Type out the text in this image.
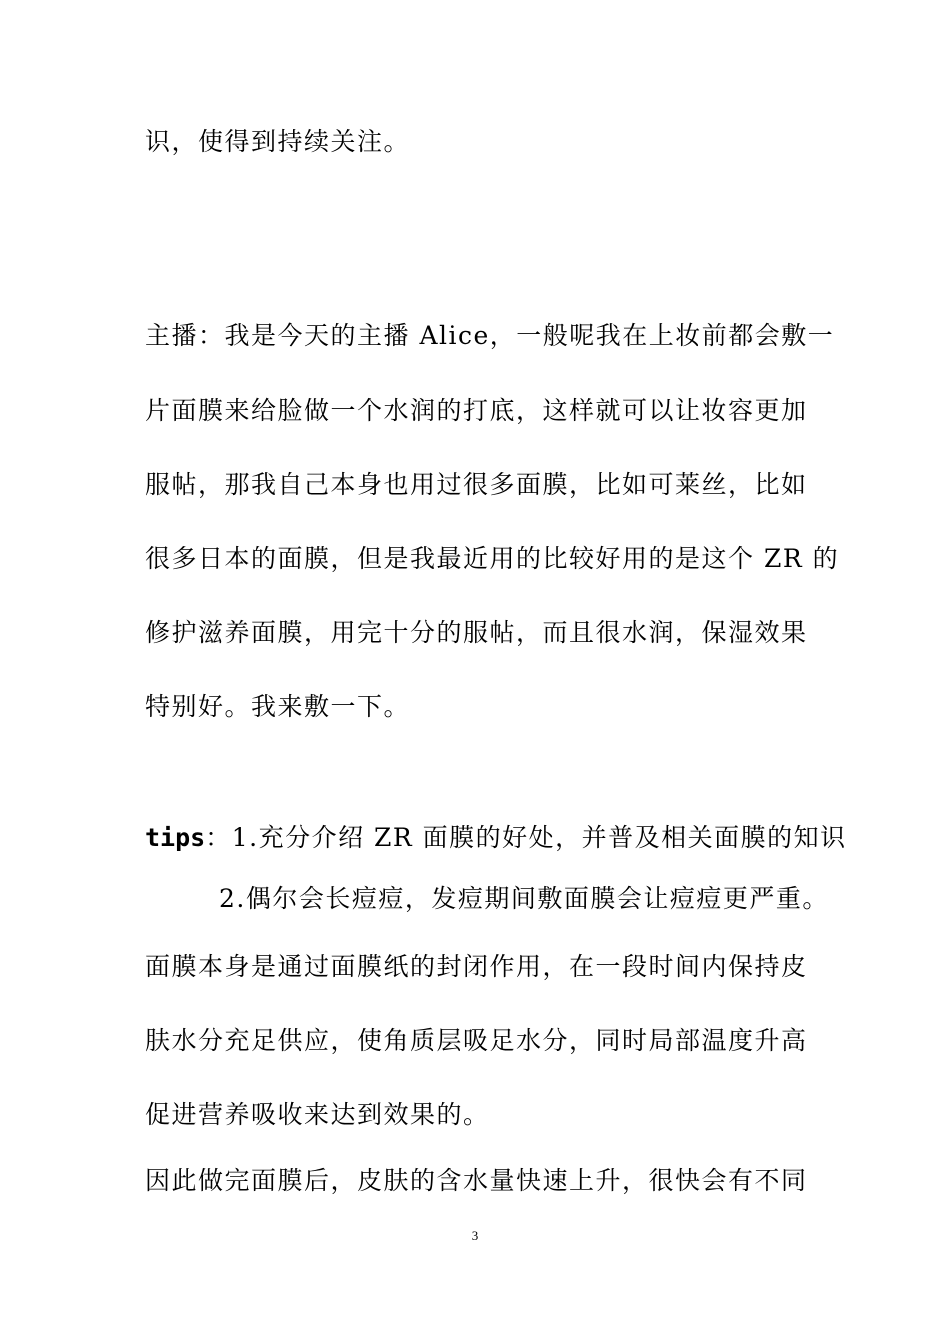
识，使得到持续关注。
主播：我是今天的主播 Alice，一般呢我在上妆前都会敷一
片面膜来给脸做一个水润的打底，这样就可以让妆容更加
服帖，那我自己本身也用过很多面膜，比如可莱丝，比如
很多日本的面膜，但是我最近用的比较好用的是这个 ZR 的
修护滋养面膜，用完十分的服帖，而且很水润，保湿效果
特别好。我来敷一下。
tips：1.充分介绍 ZR 面膜的好处，并普及相关面膜的知识
2.偶尔会长痘痘，发痘期间敷面膜会让痘痘更严重。
面膜本身是通过面膜纸的封闭作用，在一段时间内保持皮
肤水分充足供应，使角质层吸足水分，同时局部温度升高
促进营养吸收来达到效果的。
因此做完面膜后，皮肤的含水量快速上升，很快会有不同
3
